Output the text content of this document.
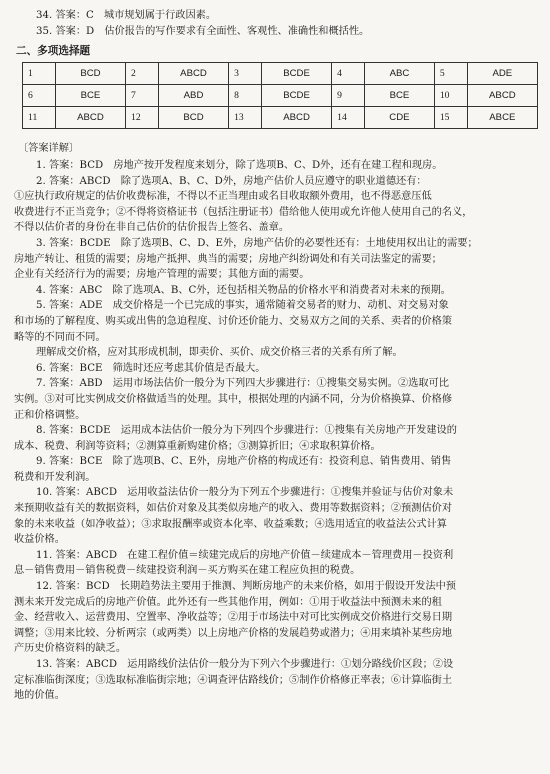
34. 答案：C　城市规划属于行政因素。
35. 答案：D　估价报告的写作要求有全面性、客观性、准确性和概括性。
二、多项选择题
1	BCD	2	ABCD	3	BCDE	4	ABC	5	ADE
6	BCE	7	ABD	8	BCDE	9	BCE	10	ABCD
11	ABCD	12	BCD	13	ABCD	14	CDE	15	ABCE
〔答案详解〕
1. 答案：BCD　房地产按开发程度来划分，除了选项B、C、D外，还有在建工程和现房。
2. 答案：ABCD　除了选项A、B、C、D外，房地产估价人员应遵守的职业道德还有：
①应执行政府规定的估价收费标准，不得以不正当理由或名目收取额外费用，也不得恶意压低
收费进行不正当竞争；②不得将资格证书（包括注册证书）借给他人使用或允许他人使用自己的名义，
不得以估价者的身份在非自己估价的估价报告上签名、盖章。
3. 答案：BCDE　除了选项B、C、D、E外，房地产估价的必要性还有：土地使用权出让的需要；
房地产转让、租赁的需要；房地产抵押、典当的需要；房地产纠纷调处和有关司法鉴定的需要；
企业有关经济行为的需要；房地产管理的需要；其他方面的需要。
4. 答案：ABC　除了选项A、B、C外，还包括相关物品的价格水平和消费者对未来的预期。
5. 答案：ADE　成交价格是一个已完成的事实，通常随着交易者的财力、动机、对交易对象
和市场的了解程度、购买或出售的急迫程度、讨价还价能力、交易双方之间的关系、卖者的价格策
略等的不同而不同。
理解成交价格，应对其形成机制，即卖价、买价、成交价格三者的关系有所了解。
6. 答案：BCE　筛选时还应考虑其价值是否最大。
7. 答案：ABD　运用市场法估价一般分为下列四大步骤进行：①搜集交易实例。②选取可比
实例。③对可比实例成交价格做适当的处理。其中，根据处理的内涵不同，分为价格换算、价格修
正和价格调整。
8. 答案：BCDE　运用成本法估价一般分为下列四个步骤进行：①搜集有关房地产开发建设的
成本、税费、利润等资料；②测算重新购建价格；③测算折旧；④求取积算价格。
9. 答案：BCE　除了选项B、C、E外，房地产价格的构成还有：投资利息、销售费用、销售
税费和开发利润。
10. 答案：ABCD　运用收益法估价一般分为下列五个步骤进行：①搜集并验证与估价对象未
来预期收益有关的数据资料，如估价对象及其类似房地产的收入、费用等数据资料；②预测估价对
象的未来收益（如净收益）；③求取报酬率或资本化率、收益乘数；④选用适宜的收益法公式计算
收益价格。
11. 答案：ABCD　在建工程价值＝续建完成后的房地产价值－续建成本－管理费用－投资利
息－销售费用－销售税费－续建投资利润－买方购买在建工程应负担的税费。
12. 答案：BCD　长期趋势法主要用于推测、判断房地产的未来价格，如用于假设开发法中预
测未来开发完成后的房地产价值。此外还有一些其他作用，例如：①用于收益法中预测未来的租
金、经营收入、运营费用、空置率、净收益等；②用于市场法中对可比实例成交价格进行交易日期
调整；③用来比较、分析两宗（或两类）以上房地产价格的发展趋势或潜力；④用来填补某些房地
产历史价格资料的缺乏。
13. 答案：ABCD　运用路线价法估价一般分为下列六个步骤进行：①划分路线价区段；②设
定标准临街深度；③选取标准临街宗地；④调查评估路线价；⑤制作价格修正率表；⑥计算临街土
地的价值。
